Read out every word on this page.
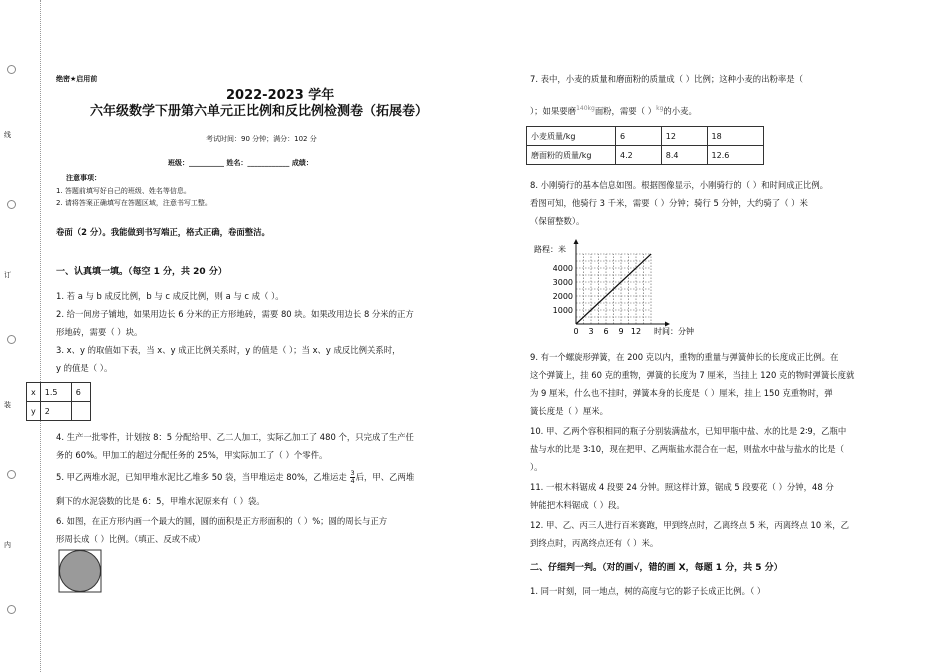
线
订
装
内
绝密★启用前
2022-2023 学年
六年级数学下册第六单元正比例和反比例检测卷（拓展卷）
考试时间：90 分钟；满分：102 分
班级：__________ 姓名：____________ 成绩：
注意事项：
1. 答题前填写好自己的班级、姓名等信息。
2. 请将答案正确填写在答题区域，注意书写工整。
卷面（2 分）。我能做到书写端正，格式正确，卷面整洁。
一、认真填一填。（每空 1 分，共 20 分）
1. 若 a 与 b 成反比例，b 与 c 成反比例，则 a 与 c 成（ ）。
2. 给一间房子铺地，如果用边长 6 分米的正方形地砖，需要 80 块。如果改用边长 8 分米的正方
形地砖，需要（ ）块。
3. x、y 的取值如下表，当 x、y 成正比例关系时，y 的值是（ ）；当 x、y 成反比例关系时，
y 的值是（ ）。
x	1.5	6
y	2	
4. 生产一批零件，计划按 8：5 分配给甲、乙二人加工，实际乙加工了 480 个，只完成了生产任
务的 60%。甲加工的超过分配任务的 25%，甲实际加工了（ ）个零件。
5. 甲乙两堆水泥，已知甲堆水泥比乙堆多 50 袋，当甲堆运走 80%，乙堆运走 $\frac{3}{4}$ 后，甲、乙两堆
剩下的水泥袋数的比是 6：5，甲堆水泥原来有（ ）袋。
6. 如图，在正方形内画一个最大的圆，圆的面积是正方形面积的（ ）%；圆的周长与正方
形周长成（ ）比例。（填正、反或不成）
7. 表中，小麦的质量和磨面粉的质量成（ ）比例；这种小麦的出粉率是（
）；如果要磨$^{140kg}$面粉，需要（ ）$^{kg}$的小麦。
小麦质量/kg	6	12	18
磨面粉的质量/kg	4.2	8.4	12.6
8. 小刚骑行的基本信息如图。根据图像显示，小刚骑行的（ ）和时间成正比例。
看图可知，他骑行 3 千米，需要（ ）分钟；骑行 5 分钟，大约骑了（ ）米
（保留整数）。
0 3 6 9 12
1000
2000
3000
4000
路程：米
时间：分钟
9. 有一个螺旋形弹簧，在 200 克以内，重物的重量与弹簧伸长的长度成正比例。在
这个弹簧上，挂 60 克的重物，弹簧的长度为 7 厘米，当挂上 120 克的物时弹簧长度就
为 9 厘米，什么也不挂时，弹簧本身的长度是（ ）厘米，挂上 150 克重物时，弹
簧长度是（ ）厘米。
10. 甲、乙两个容积相同的瓶子分别装满盐水，已知甲瓶中盐、水的比是 2∶9，乙瓶中
盐与水的比是 3∶10，现在把甲、乙两瓶盐水混合在一起，则盐水中盐与盐水的比是（
）。
11. 一根木料锯成 4 段要 24 分钟。照这样计算，锯成 5 段要花（ ）分钟，48 分
钟能把木料锯成（ ）段。
12. 甲、乙、丙三人进行百米赛跑，甲到终点时，乙离终点 5 米，丙离终点 10 米，乙
到终点时，丙离终点还有（ ）米。
二、仔细判一判。（对的画√，错的画 X，每题 1 分，共 5 分）
1. 同一时刻，同一地点，树的高度与它的影子长成正比例。（ ）
